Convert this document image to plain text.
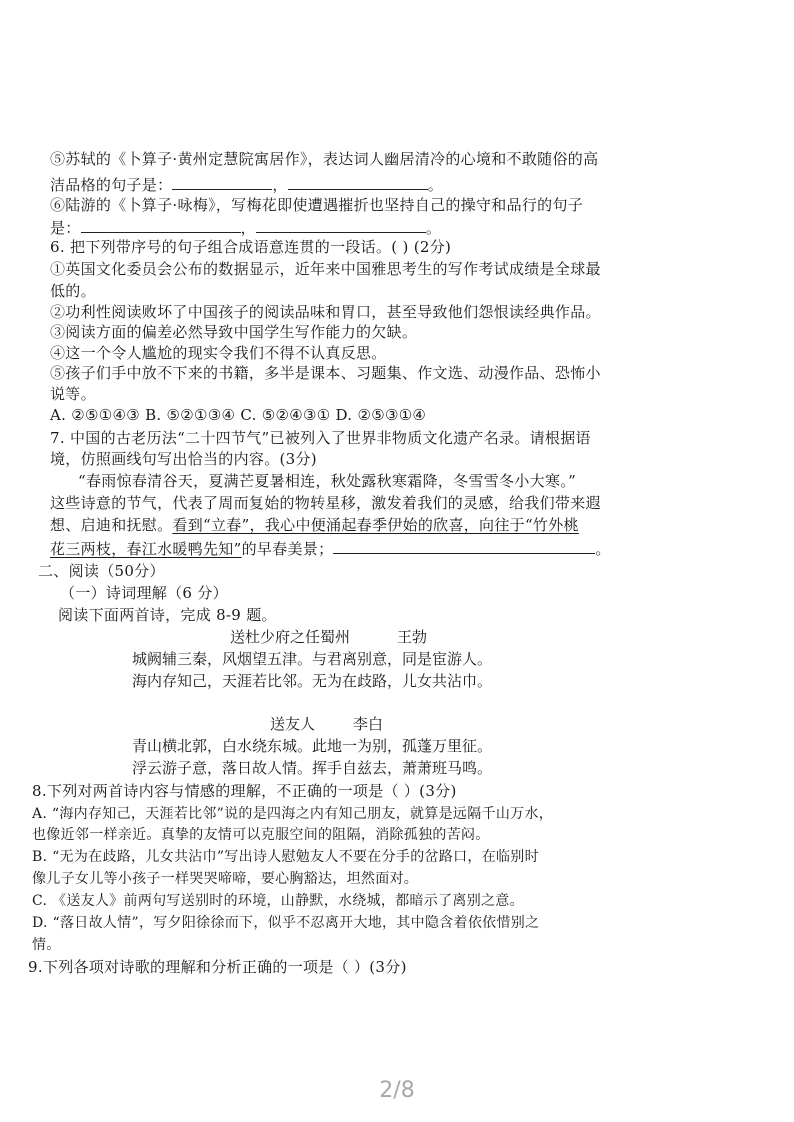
⑤苏轼的《卜算子·黄州定慧院寓居作》，表达词人幽居清冷的心境和不敢随俗的高
洁品格的句子是：	，	。
⑥陆游的《卜算子·咏梅》，写梅花即使遭遇摧折也坚持自己的操守和品行的句子
是：	，	。
6. 把下列带序号的句子组合成语意连贯的一段话。( ) (2分)
①英国文化委员会公布的数据显示，近年来中国雅思考生的写作考试成绩是全球最
低的。
②功利性阅读败坏了中国孩子的阅读品味和胃口，甚至导致他们怨恨读经典作品。
③阅读方面的偏差必然导致中国学生写作能力的欠缺。
④这一个令人尴尬的现实令我们不得不认真反思。
⑤孩子们手中放不下来的书籍，多半是课本、习题集、作文选、动漫作品、恐怖小
说等。
A. ②⑤①④③ B. ⑤②①③④ C. ⑤②④③① D. ②⑤③①④
7. 中国的古老历法“二十四节气”已被列入了世界非物质文化遗产名录。请根据语
境，仿照画线句写出恰当的内容。(3分)
“春雨惊春清谷天，夏满芒夏暑相连，秋处露秋寒霜降，冬雪雪冬小大寒。”
这些诗意的节气，代表了周而复始的物转星移，激发着我们的灵感，给我们带来遐
想、启迪和抚慰。看到“立春”，我心中便涌起春季伊始的欣喜，向往于“竹外桃
花三两枝，春江水暖鸭先知”的早春美景；	。
二、阅读（50分）
（一）诗词理解（6 分）
阅读下面两首诗，完成 8-9 题。
送杜少府之任蜀州	王勃
城阙辅三秦，风烟望五津。与君离别意，同是宦游人。
海内存知己，天涯若比邻。无为在歧路，儿女共沾巾。
送友人	李白
青山横北郭，白水绕东城。此地一为别，孤蓬万里征。
浮云游子意，落日故人情。挥手自兹去，萧萧班马鸣。
8.下列对两首诗内容与情感的理解，不正确的一项是（ ）(3分)
A. “海内存知己，天涯若比邻”说的是四海之内有知己朋友，就算是远隔千山万水，
也像近邻一样亲近。真挚的友情可以克服空间的阻隔，消除孤独的苦闷。
B. “无为在歧路，儿女共沾巾”写出诗人慰勉友人不要在分手的岔路口，在临别时
像儿子女儿等小孩子一样哭哭啼啼，要心胸豁达，坦然面对。
C. 《送友人》前两句写送别时的环境，山静默，水绕城，都暗示了离别之意。
D. “落日故人情”，写夕阳徐徐而下，似乎不忍离开大地，其中隐含着依依惜别之
情。
9.下列各项对诗歌的理解和分析正确的一项是（ ）(3分)
2/8
